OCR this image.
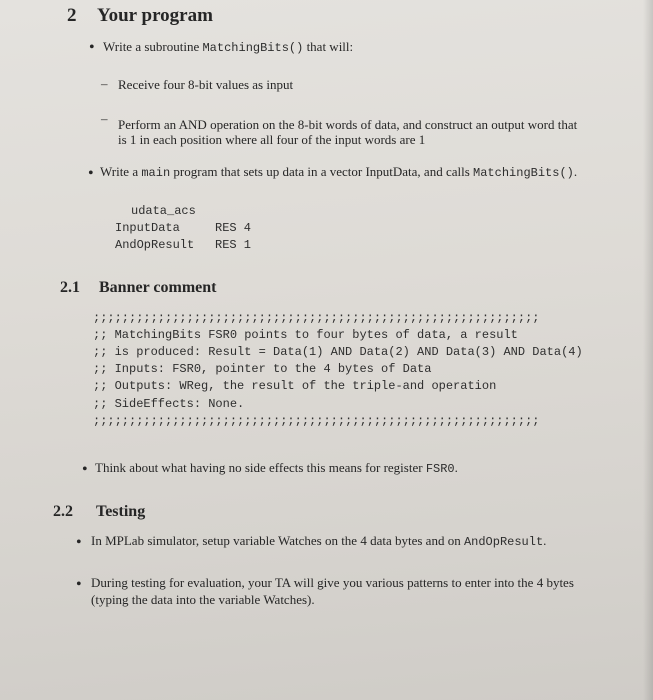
2 Your program
• Write a subroutine MatchingBits() that will:
– Receive four 8-bit values as input
– Perform an AND operation on the 8-bit words of data, and construct an output word that
is 1 in each position where all four of the input words are 1
• Write a main program that sets up data in a vector InputData, and calls MatchingBits().
udata_acs
InputData	RES 4
AndOpResult RES 1
2.1 Banner comment
;;;;;;;;;;;;;;;;;;;;;;;;;;;;;;;;;;;;;;;;;;;;;;;;;;;;;;;;;;;;;;
;; MatchingBits FSR0 points to four bytes of data, a result
;; is produced: Result = Data(1) AND Data(2) AND Data(3) AND Data(4)
;; Inputs: FSR0, pointer to the 4 bytes of Data
;; Outputs: WReg, the result of the triple-and operation
;; SideEffects: None.
;;;;;;;;;;;;;;;;;;;;;;;;;;;;;;;;;;;;;;;;;;;;;;;;;;;;;;;;;;;;;;
• Think about what having no side effects this means for register FSR0.
2.2 Testing
• In MPLab simulator, setup variable Watches on the 4 data bytes and on AndOpResult.
• During testing for evaluation, your TA will give you various patterns to enter into the 4 bytes
(typing the data into the variable Watches).
